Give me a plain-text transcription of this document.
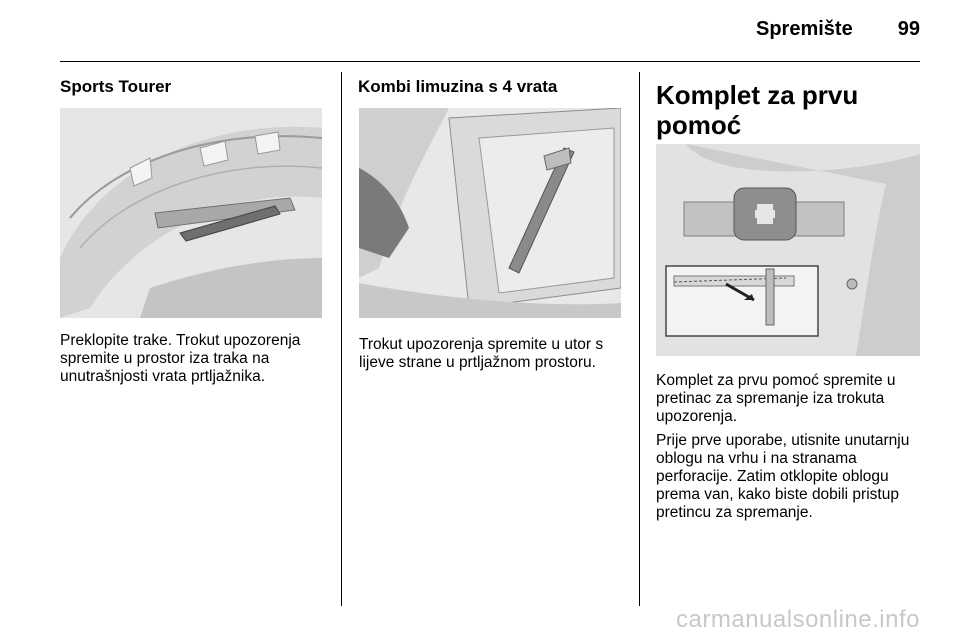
Spremište 99
Sports Tourer

Preklopite trake. Trokut upozorenja spremite u prostor iza traka na unutrašnjosti vrata prtljažnika.

Kombi limuzina s 4 vrata

Trokut upozorenja spremite u utor s lijeve strane u prtljažnom prostoru.

Komplet za prvu pomoć

Komplet za prvu pomoć spremite u pretinac za spremanje iza trokuta upozorenja.

Prije prve uporabe, utisnite unutarnju oblogu na vrhu i na stranama perforacije. Zatim otklopite oblogu prema van, kako biste dobili pristup pretincu za spremanje.

carmanualsonline.info
